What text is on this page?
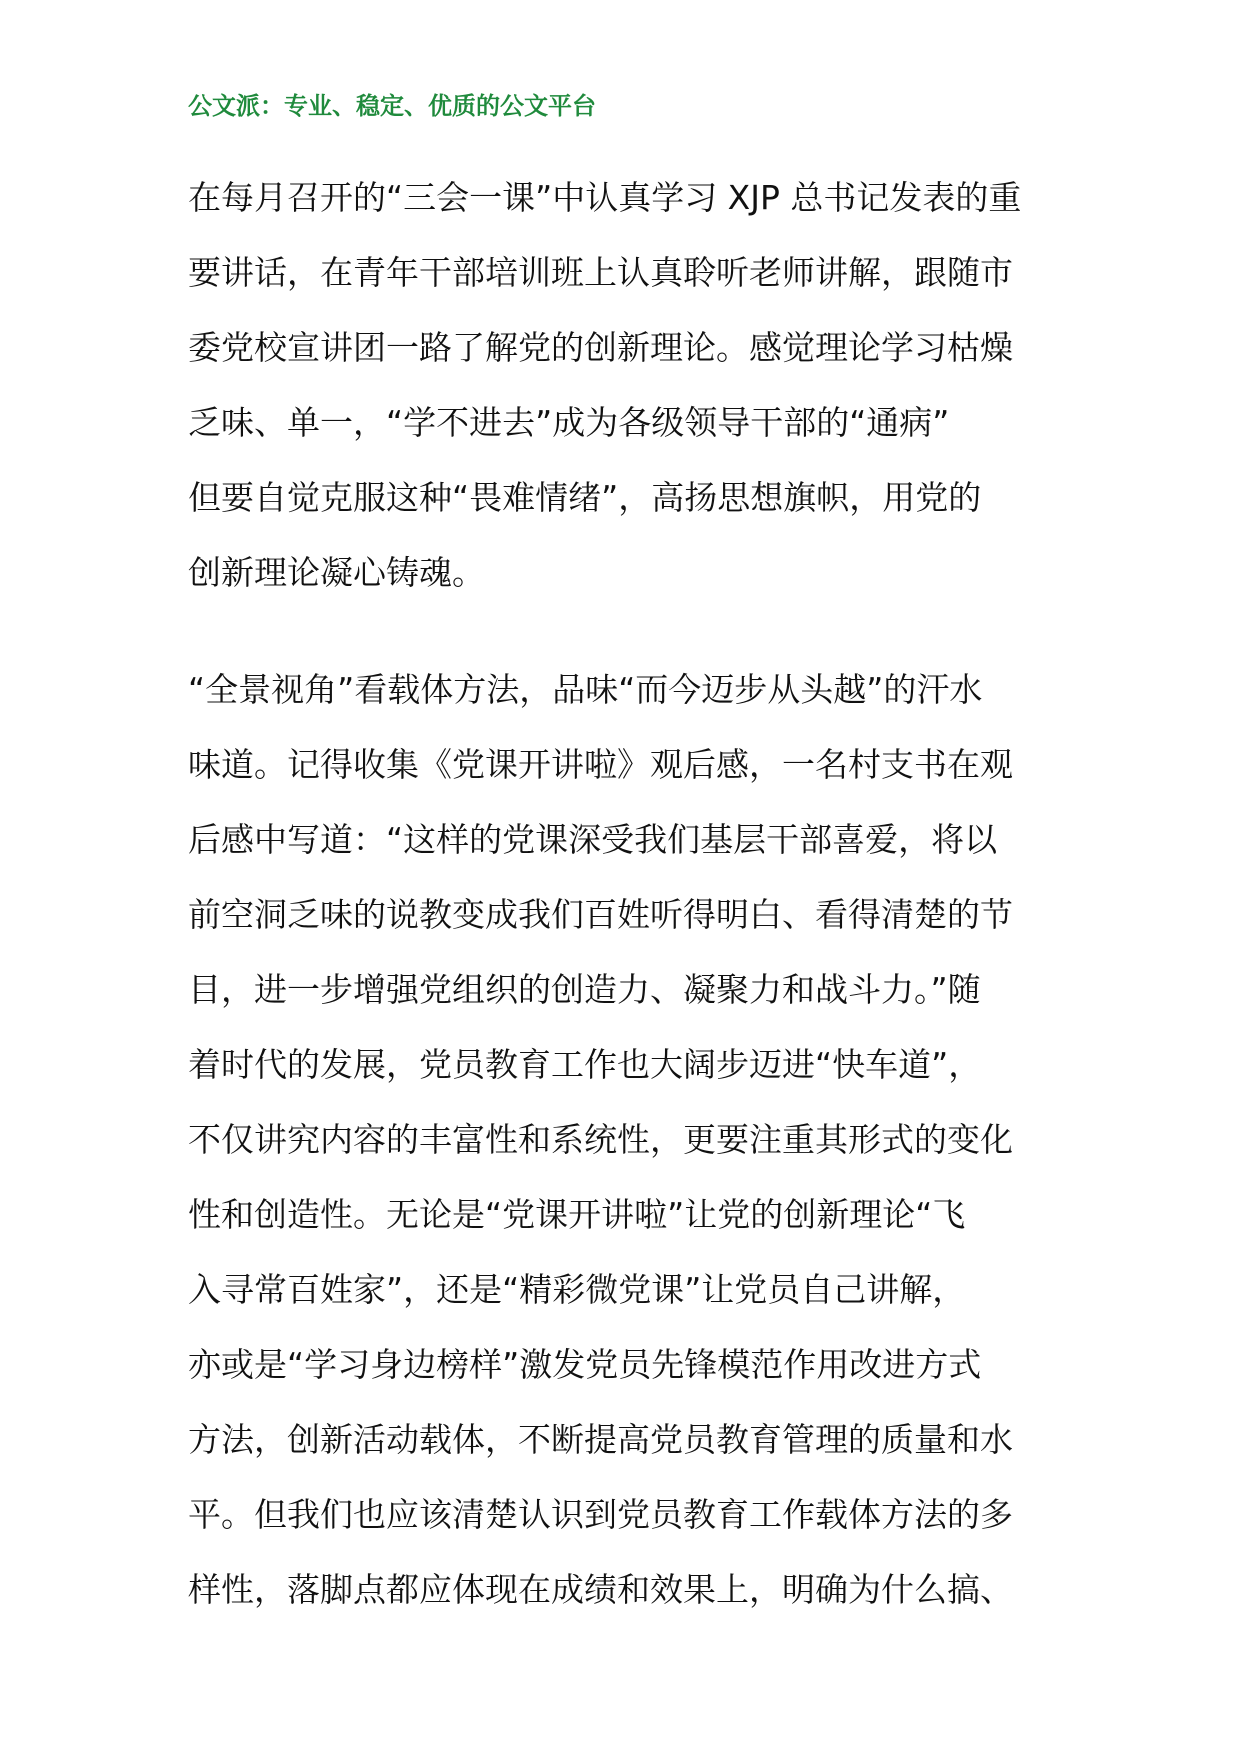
公文派：专业、稳定、优质的公文平台
在每月召开的“三会一课”中认真学习 XJP 总书记发表的重
要讲话，在青年干部培训班上认真聆听老师讲解，跟随市
委党校宣讲团一路了解党的创新理论。感觉理论学习枯燥
乏味、单一，“学不进去”成为各级领导干部的“通病”
但要自觉克服这种“畏难情绪”，高扬思想旗帜，用党的
创新理论凝心铸魂。
“全景视角”看载体方法，品味“而今迈步从头越”的汗水
味道。记得收集《党课开讲啦》观后感，一名村支书在观
后感中写道：“这样的党课深受我们基层干部喜爱，将以
前空洞乏味的说教变成我们百姓听得明白、看得清楚的节
目，进一步增强党组织的创造力、凝聚力和战斗力。”随
着时代的发展，党员教育工作也大阔步迈进“快车道”，
不仅讲究内容的丰富性和系统性，更要注重其形式的变化
性和创造性。无论是“党课开讲啦”让党的创新理论“飞
入寻常百姓家”，还是“精彩微党课”让党员自己讲解，
亦或是“学习身边榜样”激发党员先锋模范作用改进方式
方法，创新活动载体，不断提高党员教育管理的质量和水
平。但我们也应该清楚认识到党员教育工作载体方法的多
样性，落脚点都应体现在成绩和效果上，明确为什么搞、
